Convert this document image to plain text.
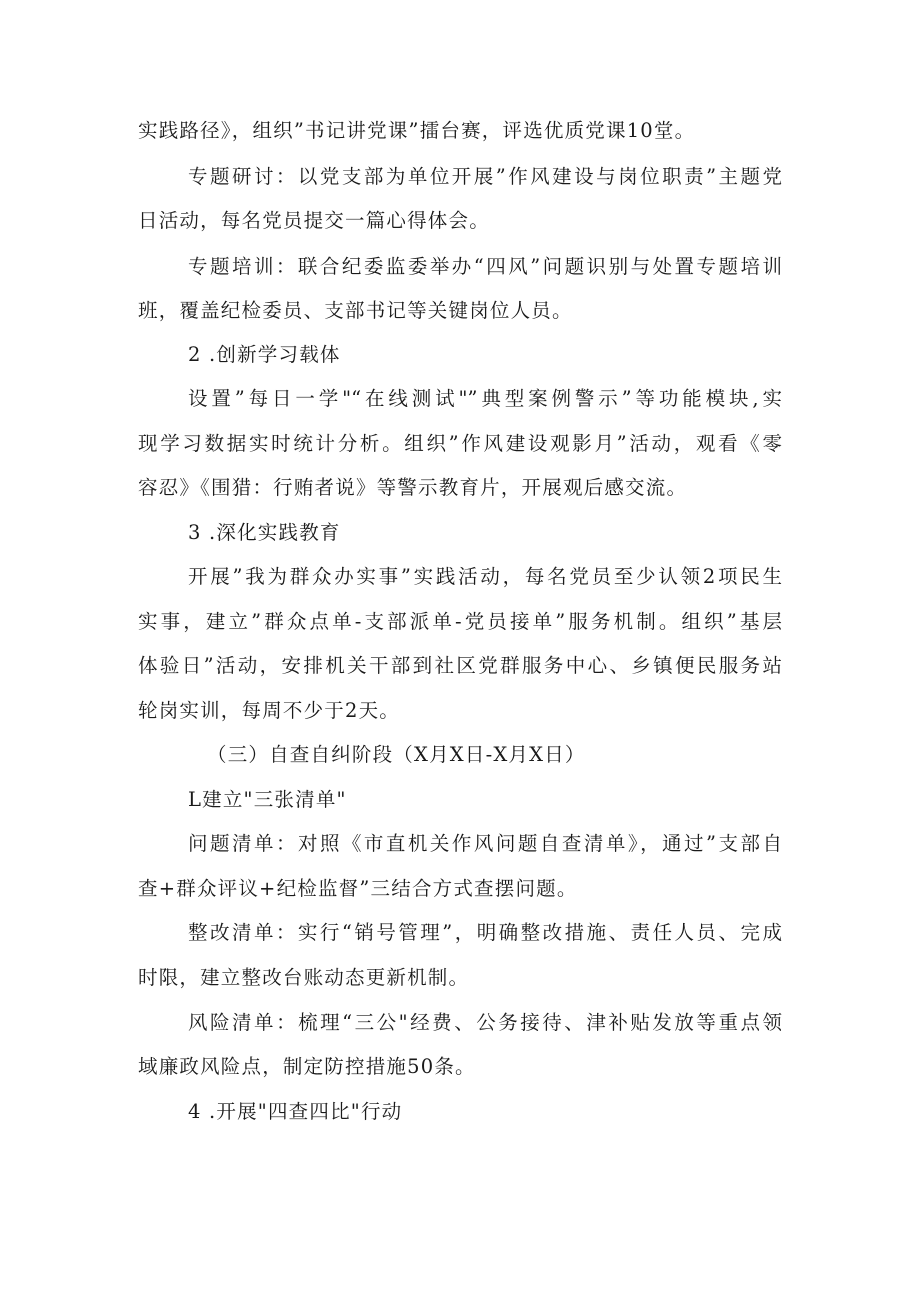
实践路径》，组织”书记讲党课”擂台赛，评选优质党课10堂。
专题研讨：以党支部为单位开展”作风建设与岗位职责”主题党
日活动，每名党员提交一篇心得体会。
专题培训：联合纪委监委举办“四风”问题识别与处置专题培训
班，覆盖纪检委员、支部书记等关键岗位人员。
2 .创新学习载体
设置”每日一学"“在线测试"”典型案例警示”等功能模块,实
现学习数据实时统计分析。组织”作风建设观影月”活动，观看《零
容忍》《围猎：行贿者说》等警示教育片，开展观后感交流。
3 .深化实践教育
开展”我为群众办实事”实践活动，每名党员至少认领2项民生
实事，建立”群众点单-支部派单-党员接单”服务机制。组织”基层
体验日”活动，安排机关干部到社区党群服务中心、乡镇便民服务站
轮岗实训，每周不少于2天。
（三）自查自纠阶段（X月X日-X月X日）
L建立"三张清单"
问题清单：对照《市直机关作风问题自查清单》，通过”支部自
查+群众评议+纪检监督”三结合方式查摆问题。
整改清单：实行“销号管理”，明确整改措施、责任人员、完成
时限，建立整改台账动态更新机制。
风险清单：梳理“三公"经费、公务接待、津补贴发放等重点领
域廉政风险点，制定防控措施50条。
4 .开展"四查四比"行动
